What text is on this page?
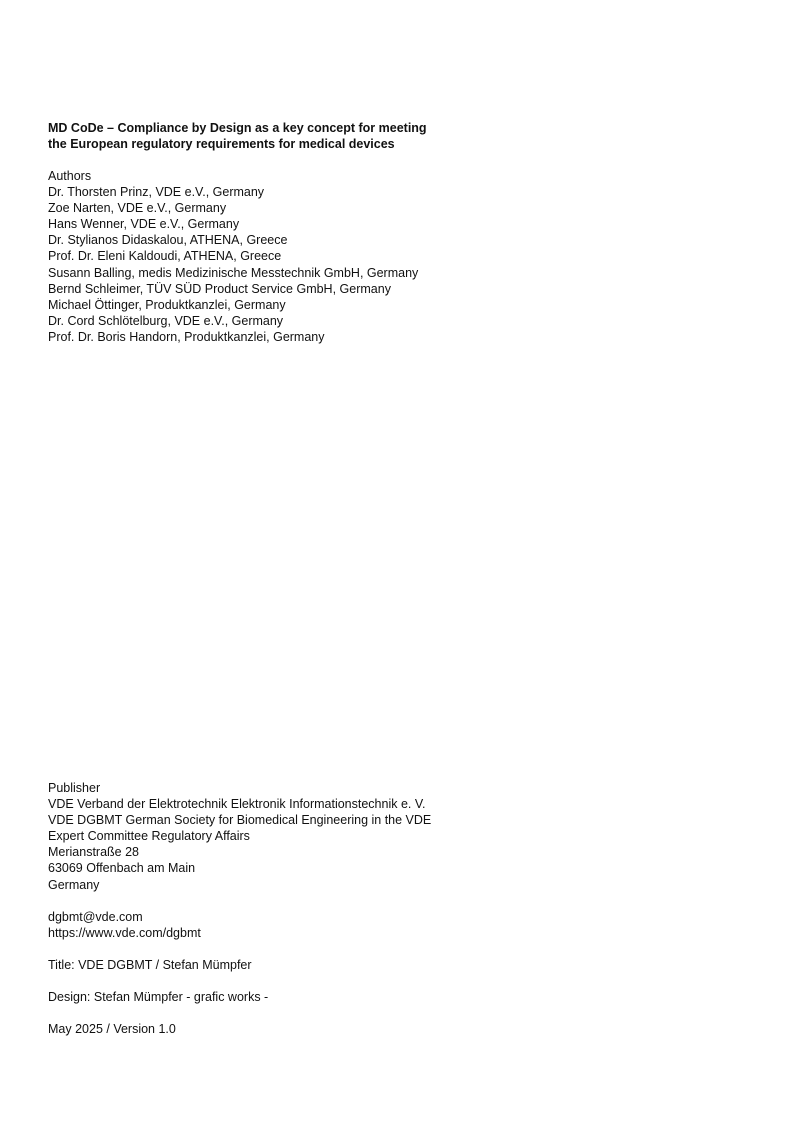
MD CoDe – Compliance by Design as a key concept for meeting

the European regulatory requirements for medical devices

Authors

Dr. Thorsten Prinz, VDE e.V., Germany

Zoe Narten, VDE e.V., Germany

Hans Wenner, VDE e.V., Germany

Dr. Stylianos Didaskalou, ATHENA, Greece

Prof. Dr. Eleni Kaldoudi, ATHENA, Greece

Susann Balling, medis Medizinische Messtechnik GmbH, Germany

Bernd Schleimer, TÜV SÜD Product Service GmbH, Germany

Michael Öttinger, Produktkanzlei, Germany

Dr. Cord Schlötelburg, VDE e.V., Germany

Prof. Dr. Boris Handorn, Produktkanzlei, Germany

Publisher

VDE Verband der Elektrotechnik Elektronik Informationstechnik e. V.

VDE DGBMT German Society for Biomedical Engineering in the VDE

Expert Committee Regulatory Affairs

Merianstraße 28

63069 Offenbach am Main

Germany

dgbmt@vde.com
https://www.vde.com/dgbmt

Title: VDE DGBMT / Stefan Mümpfer

Design: Stefan Mümpfer - grafic works -

May 2025 / Version 1.0
